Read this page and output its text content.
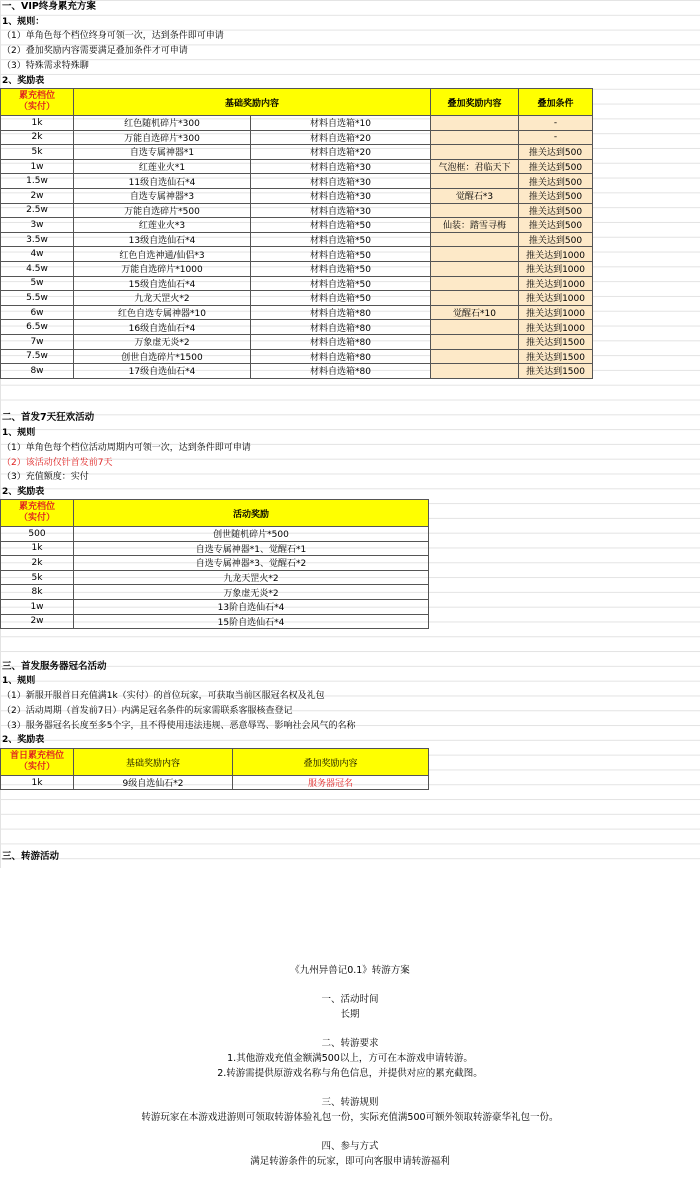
一、VIP终身累充方案
1、规则：
（1）单角色每个档位终身可领一次，达到条件即可申请
（2）叠加奖励内容需要满足叠加条件才可申请
（3）特殊需求特殊聊
2、奖励表
累充档位
（实付）	基础奖励内容		叠加奖励内容	叠加条件
1k	红色随机碎片*300	材料自选箱*10		-
2k	万能自选碎片*300	材料自选箱*20		-
5k	自选专属神器*1	材料自选箱*20		推关达到500
1w	红莲业火*1	材料自选箱*30	气泡框：君临天下	推关达到500
1.5w	11级自选仙石*4	材料自选箱*30		推关达到500
2w	自选专属神器*3	材料自选箱*30	觉醒石*3	推关达到500
2.5w	万能自选碎片*500	材料自选箱*30		推关达到500
3w	红莲业火*3	材料自选箱*50	仙装：踏雪寻梅	推关达到500
3.5w	13级自选仙石*4	材料自选箱*50		推关达到500
4w	红色自选神通/仙侣*3	材料自选箱*50		推关达到1000
4.5w	万能自选碎片*1000	材料自选箱*50		推关达到1000
5w	15级自选仙石*4	材料自选箱*50		推关达到1000
5.5w	九龙天罡火*2	材料自选箱*50		推关达到1000
6w	红色自选专属神器*10	材料自选箱*80	觉醒石*10	推关达到1000
6.5w	16级自选仙石*4	材料自选箱*80		推关达到1000
7w	万象虚无炎*2	材料自选箱*80		推关达到1500
7.5w	创世自选碎片*1500	材料自选箱*80		推关达到1500
8w	17级自选仙石*4	材料自选箱*80		推关达到1500
二、首发7天狂欢活动
1、规则
（1）单角色每个档位活动周期内可领一次，达到条件即可申请
（2）该活动仅针首发前7天
（3）充值额度：实付
2、奖励表
累充档位
（实付）	活动奖励
500	创世随机碎片*500
1k	自选专属神器*1、觉醒石*1
2k	自选专属神器*3、觉醒石*2
5k	九龙天罡火*2
8k	万象虚无炎*2
1w	13阶自选仙石*4
2w	15阶自选仙石*4
三、首发服务器冠名活动
1、规则
（1）新服开服首日充值满1k（实付）的首位玩家，可获取当前区服冠名权及礼包
（2）活动周期（首发前7日）内满足冠名条件的玩家需联系客服核查登记
（3）服务器冠名长度至多5个字，且不得使用违法违规、恶意辱骂、影响社会风气的名称
2、奖励表
首日累充档位
（实付）	基础奖励内容	叠加奖励内容
1k	9级自选仙石*2	服务器冠名
三、转游活动
《九州异兽记0.1》转游方案
一、活动时间
长期
二、转游要求
1.其他游戏充值金额满500以上，方可在本游戏申请转游。
2.转游需提供原游戏名称与角色信息，并提供对应的累充截图。
三、转游规则
转游玩家在本游戏进游则可领取转游体验礼包一份，实际充值满500可额外领取转游豪华礼包一份。
四、参与方式
满足转游条件的玩家，即可向客服申请转游福利
